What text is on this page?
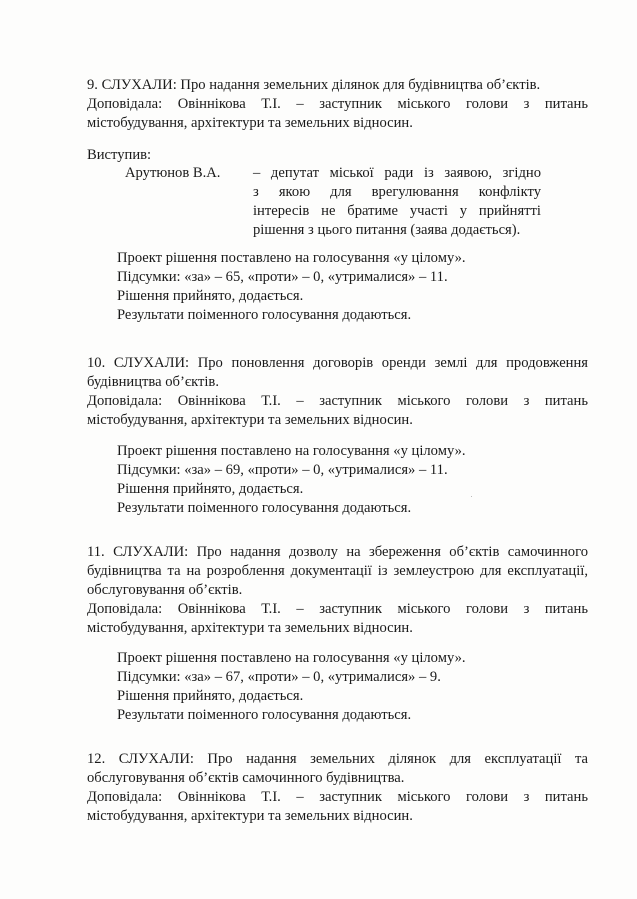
9. СЛУХАЛИ: Про надання земельних ділянок для будівництва об’єктів.
Доповідала: Овіннікова Т.І. – заступник міського голови з питань
містобудування, архітектури та земельних відносин.
Виступив:
Арутюнов В.А. – депутат міської ради із заявою, згідно
з якою для врегулювання конфлікту
інтересів не братиме участі у прийнятті
рішення з цього питання (заява додається).
Проект рішення поставлено на голосування «у цілому».
Підсумки: «за» – 65, «проти» – 0, «утрималися» – 11.
Рішення прийнято, додається.
Результати поіменного голосування додаються.
10. СЛУХАЛИ: Про поновлення договорів оренди землі для продовження
будівництва об’єктів.
Доповідала: Овіннікова Т.І. – заступник міського голови з питань
містобудування, архітектури та земельних відносин.
Проект рішення поставлено на голосування «у цілому».
Підсумки: «за» – 69, «проти» – 0, «утрималися» – 11.
Рішення прийнято, додається.
Результати поіменного голосування додаються.
11. СЛУХАЛИ: Про надання дозволу на збереження об’єктів самочинного
будівництва та на розроблення документації із землеустрою для експлуатації,
обслуговування об’єктів.
Доповідала: Овіннікова Т.І. – заступник міського голови з питань
містобудування, архітектури та земельних відносин.
Проект рішення поставлено на голосування «у цілому».
Підсумки: «за» – 67, «проти» – 0, «утрималися» – 9.
Рішення прийнято, додається.
Результати поіменного голосування додаються.
12. СЛУХАЛИ: Про надання земельних ділянок для експлуатації та
обслуговування об’єктів самочинного будівництва.
Доповідала: Овіннікова Т.І. – заступник міського голови з питань
містобудування, архітектури та земельних відносин.
